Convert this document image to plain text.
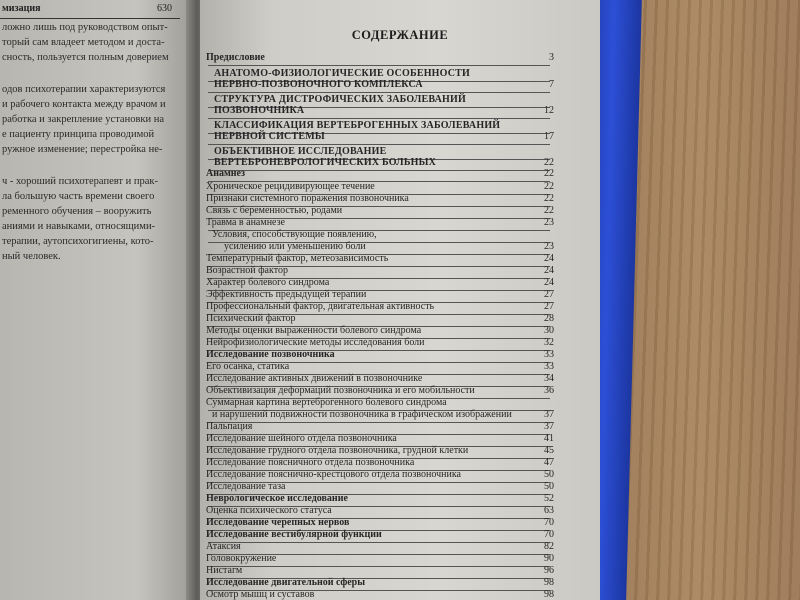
мизация	630
ложно лишь под руководством опыт-
торый сам владеет методом и доста-
сность, пользуется полным доверием
одов психотерапии характеризуются
и рабочего контакта между врачом и
работка и закрепление установки на
е пациенту принципа проводимой
ружное изменение; перестройка не-
ч - хороший психотерапевт и прак-
ла большую часть времени своего
ременного обучения – вооружить
аниями и навыками, относящими-
терапии, аутопсихогигиены, кото-
ный человек.
СОДЕРЖАНИЕ
Предисловие	3
АНАТОМО-ФИЗИОЛОГИЧЕСКИЕ ОСОБЕННОСТИ
НЕРВНО-ПОЗВОНОЧНОГО КОМПЛЕКСА	7
СТРУКТУРА ДИСТРОФИЧЕСКИХ ЗАБОЛЕВАНИЙ
ПОЗВОНОЧНИКА	12
КЛАССИФИКАЦИЯ ВЕРТЕБРОГЕННЫХ ЗАБОЛЕВАНИЙ
НЕРВНОЙ СИСТЕМЫ	17
ОБЪЕКТИВНОЕ ИССЛЕДОВАНИЕ
ВЕРТЕБРОНЕВРОЛОГИЧЕСКИХ БОЛЬНЫХ	22
Анамнез	22
Хроническое рецидивирующее течение	22
Признаки системного поражения позвоночника	22
Связь с беременностью, родами	22
Травма в анамнезе	23
Условия, способствующие появлению,
усилению или уменьшению боли	23
Температурный фактор, метеозависимость	24
Возрастной фактор	24
Характер болевого синдрома	24
Эффективность предыдущей терапии	27
Профессиональный фактор, двигательная активность	27
Психический фактор	28
Методы оценки выраженности болевого синдрома	30
Нейрофизиологические методы исследования боли	32
Исследование позвоночника	33
Его осанка, статика	33
Исследование активных движений в позвоночнике	34
Объективизация деформаций позвоночника и его мобильности	36
Суммарная картина вертеброгенного болевого синдрома
и нарушений подвижности позвоночника в графическом изображении	37
Пальпация	37
Исследование шейного отдела позвоночника	41
Исследование грудного отдела позвоночника, грудной клетки	45
Исследование поясничного отдела позвоночника	47
Исследование пояснично-крестцового отдела позвоночника	50
Исследование таза	50
Неврологическое исследование	52
Оценка психического статуса	63
Исследование черепных нервов	70
Исследование вестибулярной функции	70
Атаксия	82
Головокружение	90
Нистагм	96
Исследование двигательной сферы	98
Осмотр мышц и суставов	98
